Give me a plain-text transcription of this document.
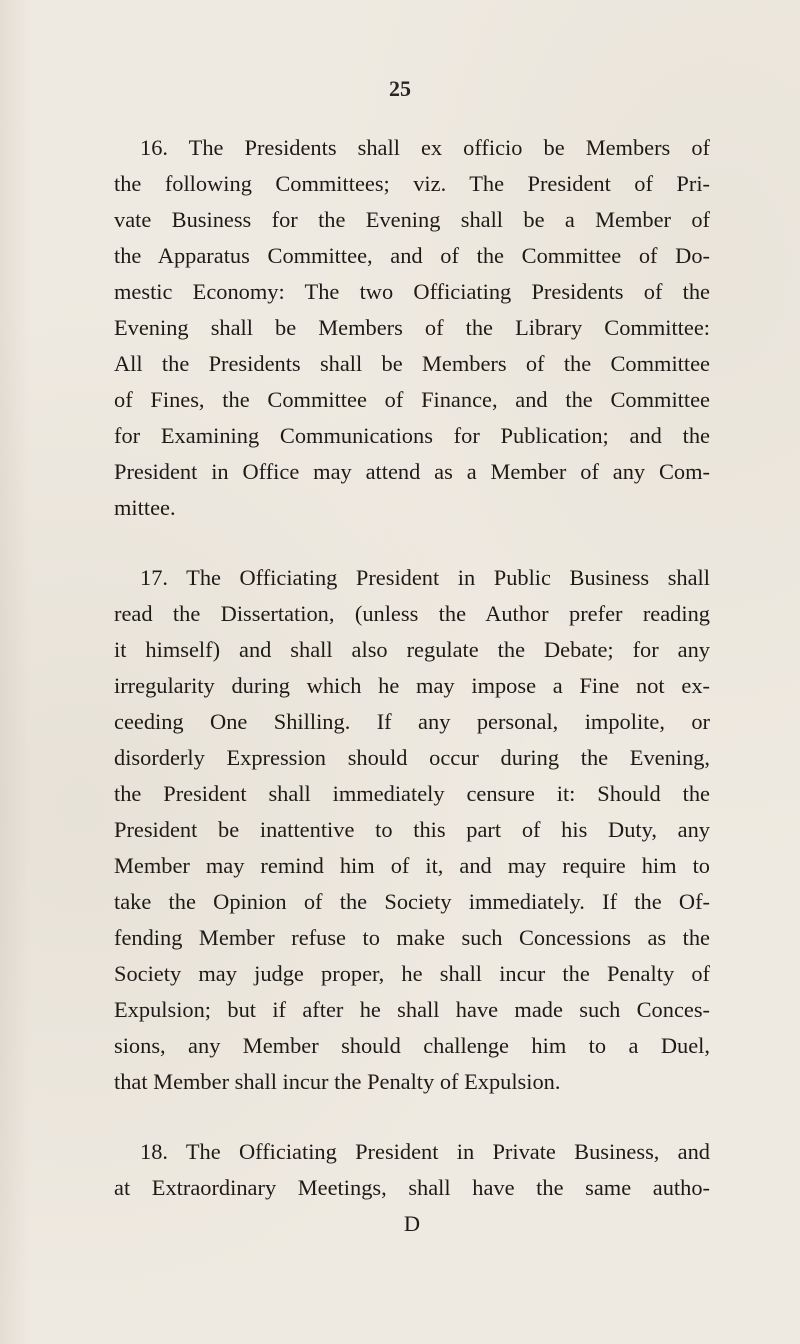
25
16. The Presidents shall ex officio be Members of
the following Committees; viz. The President of Pri-
vate Business for the Evening shall be a Member of
the Apparatus Committee, and of the Committee of Do-
mestic Economy: The two Officiating Presidents of the
Evening shall be Members of the Library Committee:
All the Presidents shall be Members of the Committee
of Fines, the Committee of Finance, and the Committee
for Examining Communications for Publication; and the
President in Office may attend as a Member of any Com-
mittee.
17. The Officiating President in Public Business shall
read the Dissertation, (unless the Author prefer reading
it himself) and shall also regulate the Debate; for any
irregularity during which he may impose a Fine not ex-
ceeding One Shilling. If any personal, impolite, or
disorderly Expression should occur during the Evening,
the President shall immediately censure it: Should the
President be inattentive to this part of his Duty, any
Member may remind him of it, and may require him to
take the Opinion of the Society immediately. If the Of-
fending Member refuse to make such Concessions as the
Society may judge proper, he shall incur the Penalty of
Expulsion; but if after he shall have made such Conces-
sions, any Member should challenge him to a Duel,
that Member shall incur the Penalty of Expulsion.
18. The Officiating President in Private Business, and
at Extraordinary Meetings, shall have the same autho-
D
